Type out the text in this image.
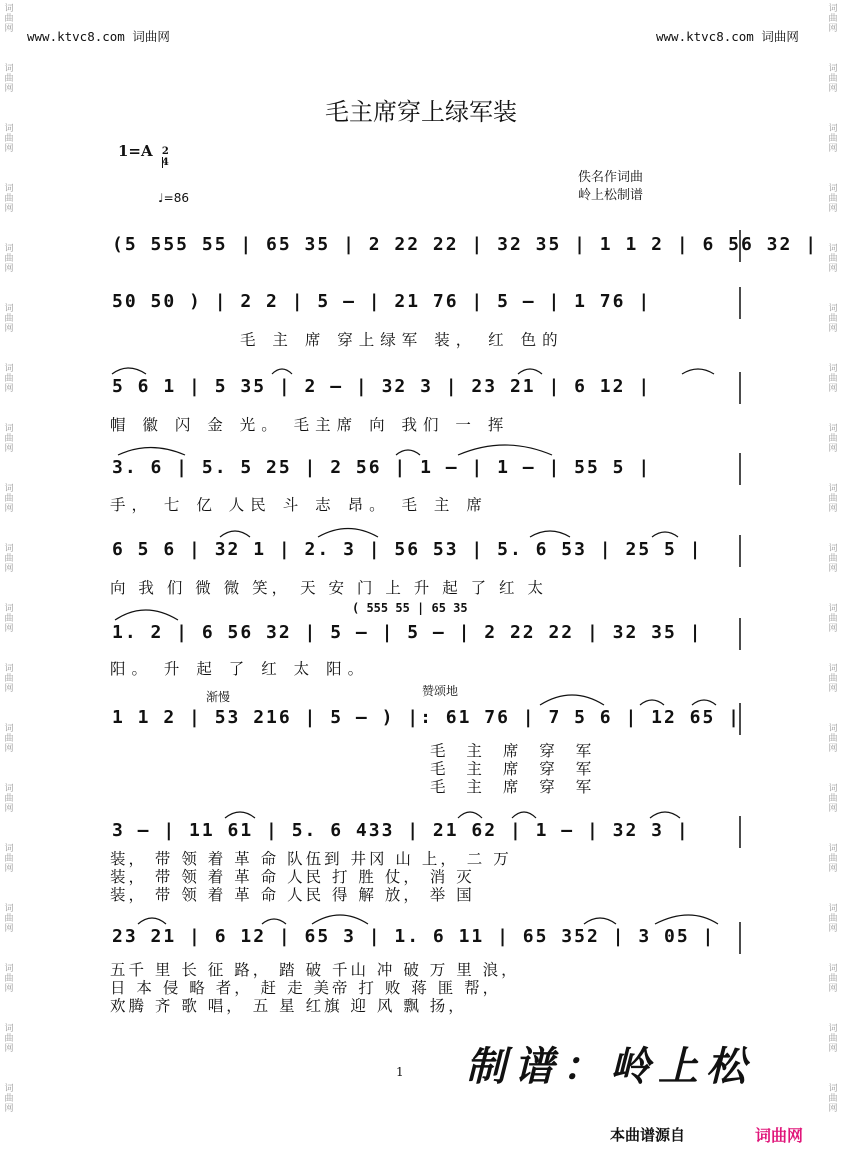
词
曲
网
词
曲
网
词
曲
网
词
曲
网
词
曲
网
词
曲
网
词
曲
网
词
曲
网
词
曲
网
词
曲
网
词
曲
网
词
曲
网
词
曲
网
词
曲
网
词
曲
网
词
曲
网
词
曲
网
词
曲
网
词
曲
网
词
曲
网
词
曲
网
词
曲
网
词
曲
网
词
曲
网
词
曲
网
词
曲
网
词
曲
网
词
曲
网
词
曲
网
词
曲
网
词
曲
网
词
曲
网
词
曲
网
词
曲
网
词
曲
网
词
曲
网
词
曲
网
词
曲
网
www.ktvc8.com 词曲网	www.ktvc8.com 词曲网
毛主席穿上绿军装
$1=A \frac{2}{4}$
佚名作词曲
岭上松制谱
♩=86
(5 555 55 | 65 35 | 2 22 22 | 32 35 | 1 1 2 | 6 56 32 |
50 50 ) | 2 2 | 5 – | 21 76 | 5 – | 1 76 |
毛 主 席 穿上绿军 装， 红 色的
5 6 1 | 5 35 | 2 – | 32 3 | 23 21 | 6 12 |
帽 徽 闪 金 光。 毛主席 向 我们 一 挥
3. 6 | 5. 5 25 | 2 56 | 1 – | 1 – | 55 5 |
手， 七 亿 人民 斗 志 昂。 毛 主 席
6 5 6 | 32 1 | 2. 3 | 56 53 | 5. 6 53 | 25 5 |
向 我 们 微 微 笑， 天 安 门 上 升 起 了 红 太
( 555 55 | 65 35
1. 2 | 6 56 32 | 5 – | 5 – | 2 22 22 | 32 35 |
阳。 升 起 了 红 太 阳。
渐慢	赞颂地
1 1 2 | 53 216 | 5 – ) |: 61 76 | 7 5 6 | 12 65 |
毛 主 席 穿 军
毛 主 席 穿 军
毛 主 席 穿 军
3 – | 11 61 | 5. 6 433 | 21 62 | 1 – | 32 3 |
装， 带 领 着 革 命 队伍到 井冈 山 上， 二 万
装， 带 领 着 革 命 人民 打 胜 仗， 消 灭
装， 带 领 着 革 命 人民 得 解 放， 举 国
23 21 | 6 12 | 65 3 | 1. 6 11 | 65 352 | 3 05 |
五千 里 长 征 路， 踏 破 千山 冲 破 万 里 浪，
日 本 侵 略 者， 赶 走 美帝 打 败 蒋 匪 帮，
欢腾 齐 歌 唱， 五 星 红旗 迎 风 飘 扬，
1 制谱：岭上松
本曲谱源自	词曲网
